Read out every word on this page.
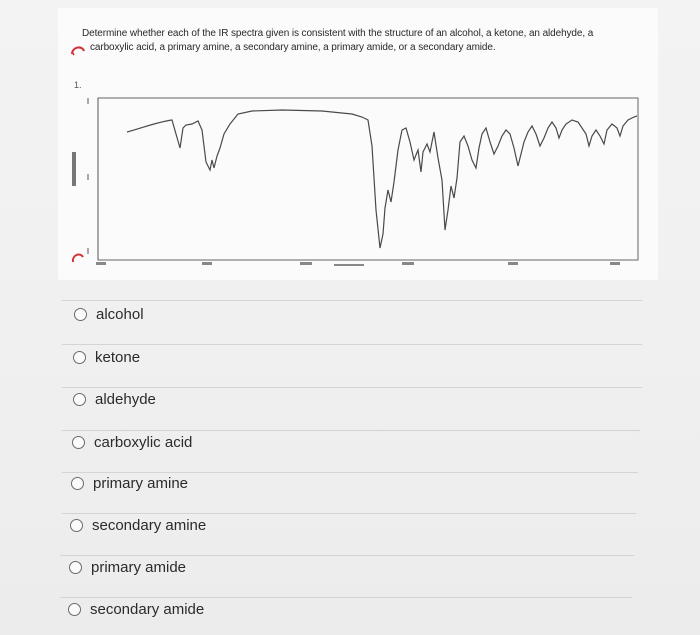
Determine whether each of the IR spectra given is consistent with the structure of an alcohol, a ketone, an aldehyde, a
carboxylic acid, a primary amine, a secondary amine, a primary amide, or a secondary amide.
1.
alcohol
ketone
aldehyde
carboxylic acid
primary amine
secondary amine
primary amide
secondary amide
